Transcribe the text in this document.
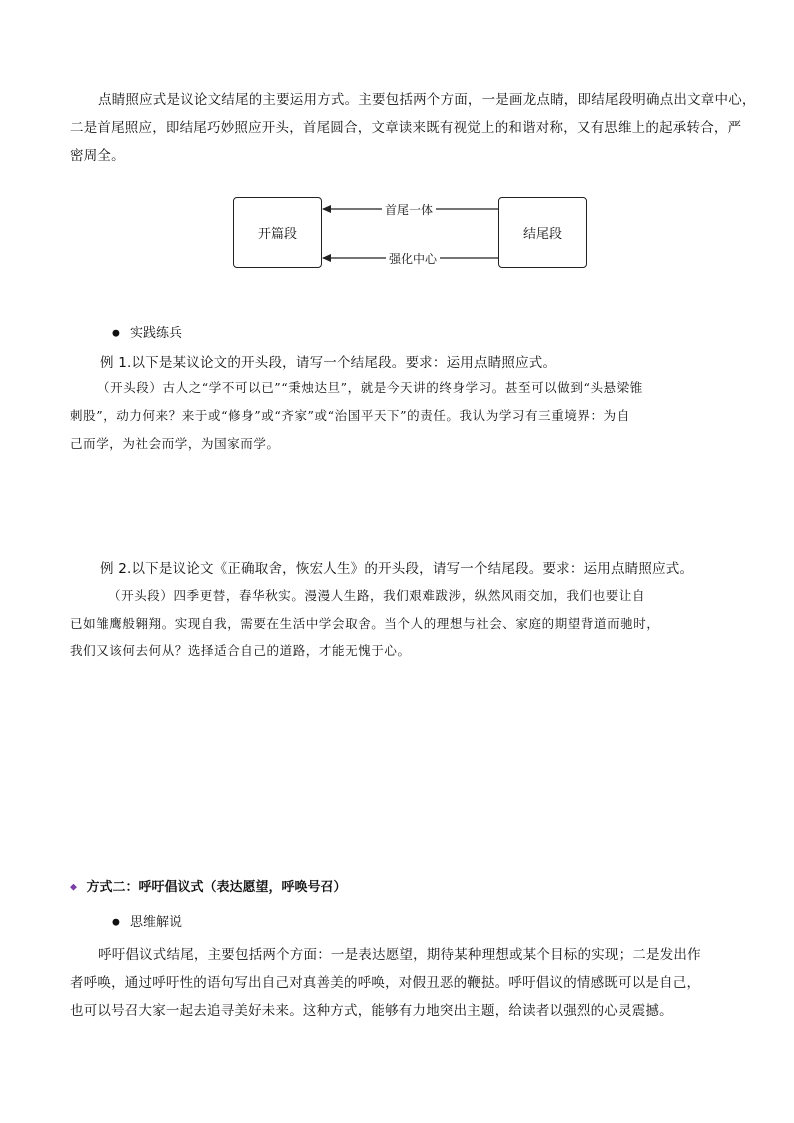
点睛照应式是议论文结尾的主要运用方式。主要包括两个方面，一是画龙点睛，即结尾段明确点出文章中心，
二是首尾照应，即结尾巧妙照应开头，首尾圆合，文章读来既有视觉上的和谐对称，又有思维上的起承转合，严
密周全。
开篇段	结尾段
首尾一体
强化中心
● 实践练兵
例 1.以下是某议论文的开头段，请写一个结尾段。要求：运用点睛照应式。
（开头段）古人之“学不可以已”“秉烛达旦”，就是今天讲的终身学习。甚至可以做到“头悬梁锥
刺股”，动力何来？来于或“修身”或“齐家”或“治国平天下”的责任。我认为学习有三重境界：为自
己而学，为社会而学，为国家而学。
例 2.以下是议论文《正确取舍，恢宏人生》的开头段，请写一个结尾段。要求：运用点睛照应式。
（开头段）四季更替，春华秋实。漫漫人生路，我们艰难跋涉，纵然风雨交加，我们也要让自
已如雏鹰般翱翔。实现自我，需要在生活中学会取舍。当个人的理想与社会、家庭的期望背道而驰时，
我们又该何去何从？选择适合自己的道路，才能无愧于心。
◆ 方式二：呼吁倡议式（表达愿望，呼唤号召）
● 思维解说
呼吁倡议式结尾，主要包括两个方面：一是表达愿望，期待某种理想或某个目标的实现；二是发出作
者呼唤，通过呼吁性的语句写出自己对真善美的呼唤，对假丑恶的鞭挞。呼吁倡议的情感既可以是自己，
也可以号召大家一起去追寻美好未来。这种方式，能够有力地突出主题，给读者以强烈的心灵震撼。
